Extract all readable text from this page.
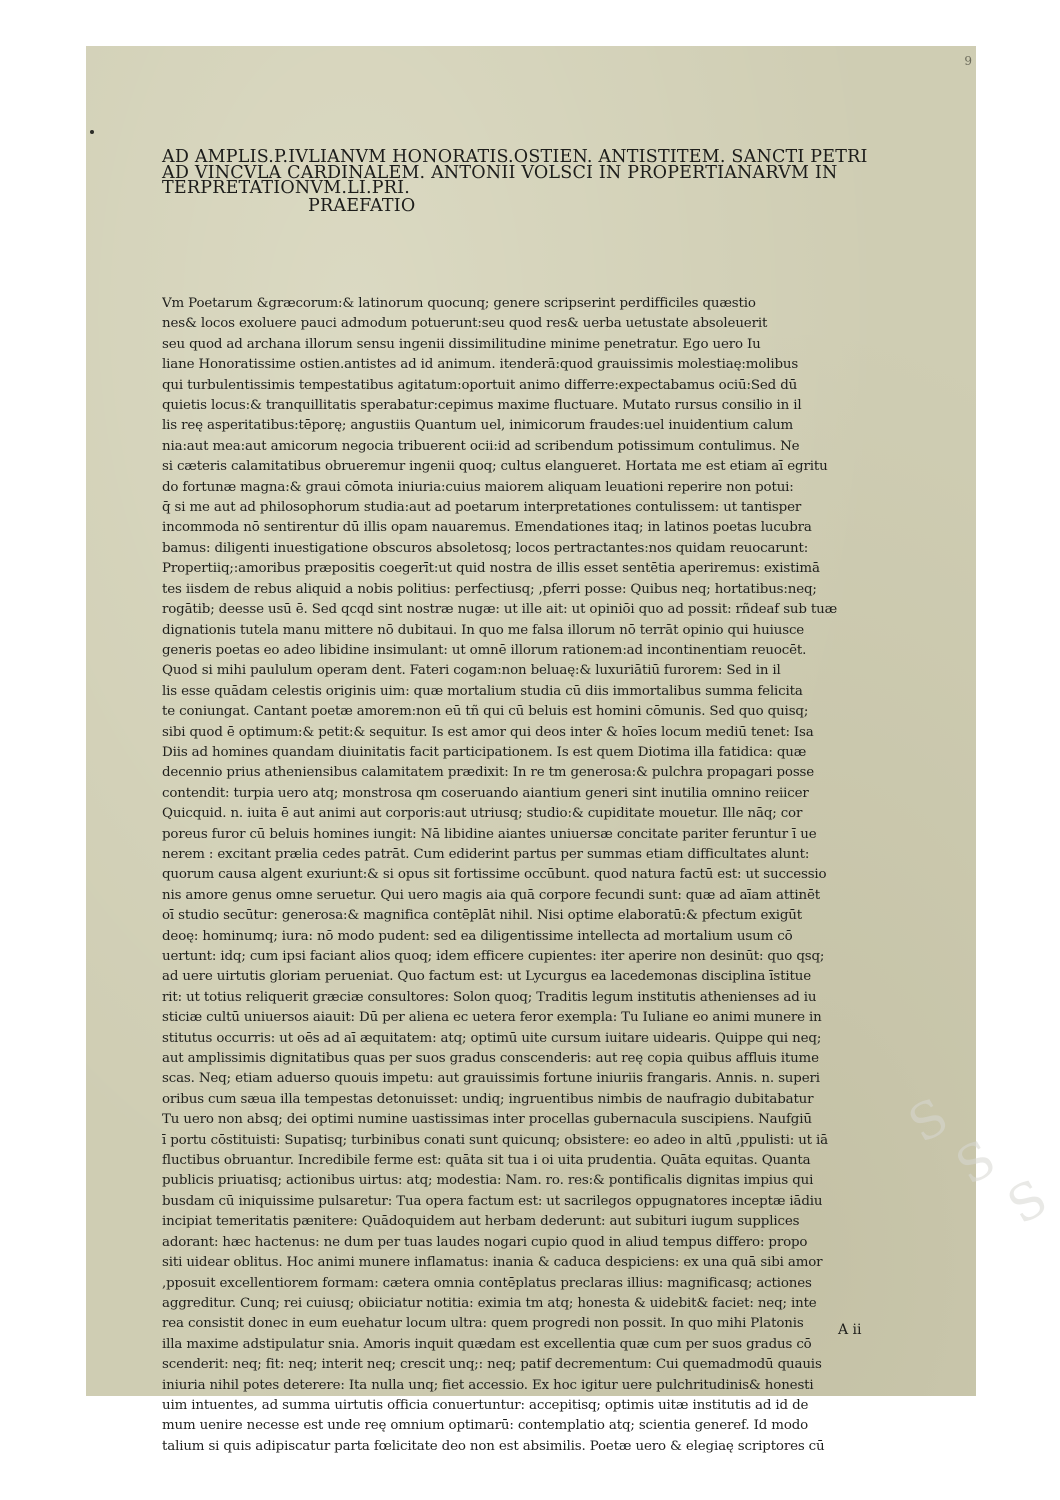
9
AD AMPLIS.P.IVLIANVM HONORATIS.OSTIEN. ANTISTITEM. SANCTI PETRI
AD VINCVLA CARDINALEM. ANTONII VOLSCI IN PROPERTIANARVM IN
TERPRETATIONVM.LI.PRI.
PRAEFATIO
Vm Poetarum &græcorum:& latinorum quocunq; genere scripserint perdifficiles quæstio
nes& locos exoluere pauci admodum potuerunt:seu quod res& uerba uetustate absoleuerit
seu quod ad archana illorum sensu ingenii dissimilitudine minime penetratur. Ego uero Iu
liane Honoratissime ostien.antistes ad id animum. itenderā:quod grauissimis molestiaę:molibus
qui turbulentissimis tempestatibus agitatum:oportuit animo differre:expectabamus ociū:Sed dū
quietis locus:& tranquillitatis sperabatur:cepimus maxime fluctuare. Mutato rursus consilio in il
lis reę asperitatibus:tēporę; angustiis Quantum uel, inimicorum fraudes:uel inuidentium calum
nia:aut mea:aut amicorum negocia tribuerent ocii:id ad scribendum potissimum contulimus. Ne
si cæteris calamitatibus obrueremur ingenii quoq; cultus elangueret. Hortata me est etiam aī egritu
do fortunæ magna:& graui cōmota iniuria:cuius maiorem aliquam leuationi reperire non potui:
q̄ si me aut ad philosophorum studia:aut ad poetarum interpretationes contulissem: ut tantisper
incommoda nō sentirentur dū illis opam nauaremus. Emendationes itaq; in latinos poetas lucubra
bamus: diligenti inuestigatione obscuros absoletosq; locos pertractantes:nos quidam reuocarunt:
Propertiiq;:amoribus præpositis coegerīt:ut quid nostra de illis esset sentētia aperiremus: existimā
tes iisdem de rebus aliquid a nobis politius: perfectiusq; ,pferri posse: Quibus neq; hortatibus:neq;
rogātib; deesse usū ē. Sed qcqd sint nostræ nugæ: ut ille ait: ut opiniōi quo ad possit: rñdeaf sub tuæ
dignationis tutela manu mittere nō dubitaui. In quo me falsa illorum nō terrāt opinio qui huiusce
generis poetas eo adeo libidine insimulant: ut omnē illorum rationem:ad incontinentiam reuocēt.
Quod si mihi paululum operam dent. Fateri cogam:non beluaę:& luxuriātiū furorem: Sed in il
lis esse quādam celestis originis uim: quæ mortalium studia cū diis immortalibus summa felicita
te coniungat. Cantant poetæ amorem:non eū tñ qui cū beluis est homini cōmunis. Sed quo quisq;
sibi quod ē optimum:& petit:& sequitur. Is est amor qui deos inter & hoīes locum mediū tenet: Isa
Diis ad homines quandam diuinitatis facit participationem. Is est quem Diotima illa fatidica: quæ
decennio prius atheniensibus calamitatem prædixit: In re tm generosa:& pulchra propagari posse
contendit: turpia uero atq; monstrosa qm coseruando aiantium generi sint inutilia omnino reiicer
Quicquid. n. iuita ē aut animi aut corporis:aut utriusq; studio:& cupiditate mouetur. Ille nāq; cor
poreus furor cū beluis homines iungit: Nā libidine aiantes uniuersæ concitate pariter feruntur ī ue
nerem : excitant prælia cedes patrāt. Cum ediderint partus per summas etiam difficultates alunt:
quorum causa algent exuriunt:& si opus sit fortissime occūbunt. quod natura factū est: ut successio
nis amore genus omne seruetur. Qui uero magis aia quā corpore fecundi sunt: quæ ad aīam attinēt
oī studio secūtur: generosa:& magnifica contēplāt nihil. Nisi optime elaboratū:& pfectum exigūt
deoę: hominumq; iura: nō modo pudent: sed ea diligentissime intellecta ad mortalium usum cō
uertunt: idq; cum ipsi faciant alios quoq; idem efficere cupientes: iter aperire non desinūt: quo qsq;
ad uere uirtutis gloriam perueniat. Quo factum est: ut Lycurgus ea lacedemonas disciplina īstitue
rit: ut totius reliquerit græciæ consultores: Solon quoq; Traditis legum institutis athenienses ad iu
sticiæ cultū uniuersos aiauit: Dū per aliena ec uetera feror exempla: Tu Iuliane eo animi munere in
stitutus occurris: ut oēs ad aī æquitatem: atq; optimū uite cursum iuitare uidearis. Quippe qui neq;
aut amplissimis dignitatibus quas per suos gradus conscenderis: aut reę copia quibus affluis itume
scas. Neq; etiam aduerso quouis impetu: aut grauissimis fortune iniuriis frangaris. Annis. n. superi
oribus cum sæua illa tempestas detonuisset: undiq; ingruentibus nimbis de naufragio dubitabatur
Tu uero non absq; dei optimi numine uastissimas inter procellas gubernacula suscipiens. Naufgiū
ī portu cōstituisti: Supatisq; turbinibus conati sunt quicunq; obsistere: eo adeo in altū ,ppulisti: ut iā
fluctibus obruantur. Incredibile ferme est: quāta sit tua i oi uita prudentia. Quāta equitas. Quanta
publicis priuatisq; actionibus uirtus: atq; modestia: Nam. ro. res:& pontificalis dignitas impius qui
busdam cū iniquissime pulsaretur: Tua opera factum est: ut sacrilegos oppugnatores inceptæ iādiu
incipiat temeritatis pænitere: Quādoquidem aut herbam dederunt: aut subituri iugum supplices
adorant: hæc hactenus: ne dum per tuas laudes nogari cupio quod in aliud tempus differo: propo
siti uidear oblitus. Hoc animi munere inflamatus: inania & caduca despiciens: ex una quā sibi amor
,pposuit excellentiorem formam: cætera omnia contēplatus preclaras illius: magnificasq; actiones
aggreditur. Cunq; rei cuiusq; obiiciatur notitia: eximia tm atq; honesta & uidebit& faciet: neq; inte
rea consistit donec in eum euehatur locum ultra: quem progredi non possit. In quo mihi Platonis
illa maxime adstipulatur snia. Amoris inquit quædam est excellentia quæ cum per suos gradus cō
scenderit: neq; fit: neq; interit neq; crescit unq;: neq; patif decrementum: Cui quemadmodū quauis
iniuria nihil potes deterere: Ita nulla unq; fiet accessio. Ex hoc igitur uere pulchritudinis& honesti
uim intuentes, ad summa uirtutis officia conuertuntur: accepitisq; optimis uitæ institutis ad id de
mum uenire necesse est unde reę omnium optimarū: contemplatio atq; scientia generef. Id modo
talium si quis adipiscatur parta fœlicitate deo non est absimilis. Poetæ uero & elegiaę scriptores cū
A ii
S
S
S
